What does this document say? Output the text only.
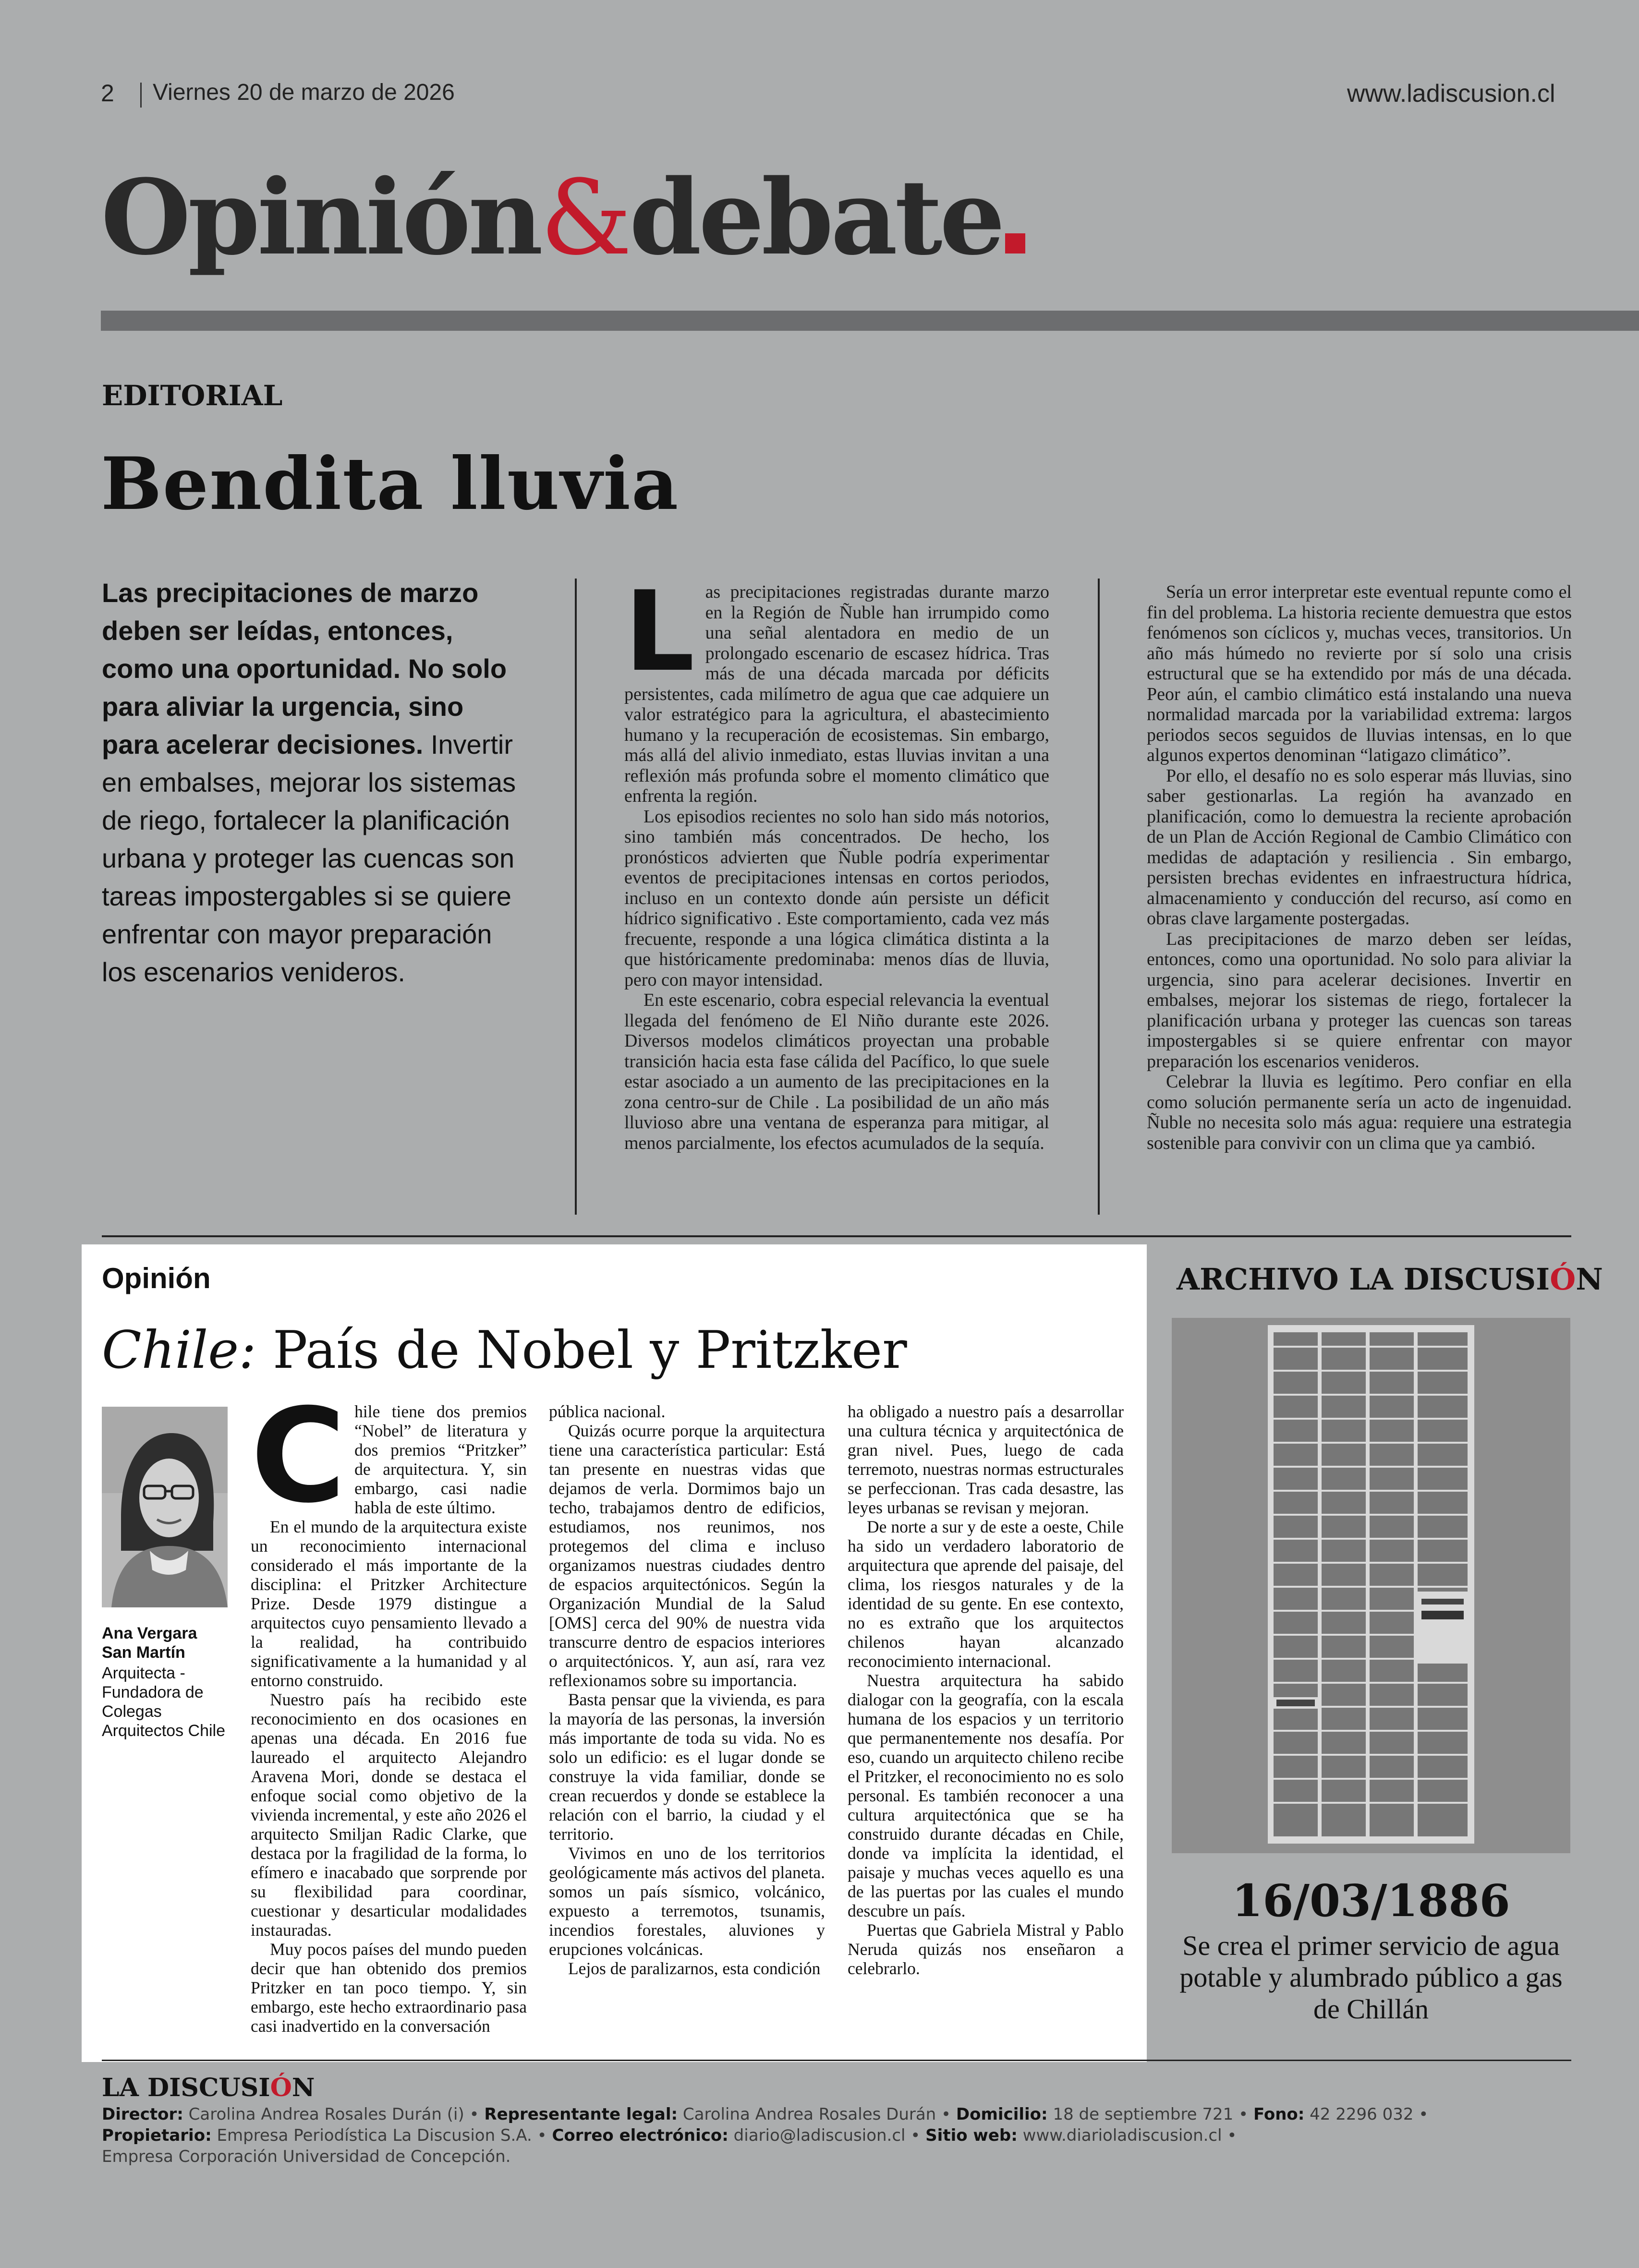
2 Viernes 20 de marzo de 2026	www.ladiscusion.cl
Opinión&debate
EDITORIAL
Bendita lluvia
Las precipitaciones de marzo deben ser leídas, entonces, como una oportunidad. No solo para aliviar la urgencia, sino para acelerar decisiones. Invertir en embalses, mejorar los sistemas de riego, fortalecer la planificación urbana y proteger las cuencas son tareas impostergables si se quiere enfrentar con mayor preparación los escenarios venideros.

Las precipitaciones registradas durante marzo en la Región de Ñuble han irrumpido como una señal alentadora en medio de un prolongado escenario de escasez hídrica. Tras más de una década marcada por déficits persistentes, cada milímetro de agua que cae adquiere un valor estratégico para la agricultura, el abastecimiento humano y la recuperación de ecosistemas. Sin embargo, más allá del alivio inmediato, estas lluvias invitan a una reflexión más profunda sobre el momento climático que enfrenta la región.

Los episodios recientes no solo han sido más notorios, sino también más concentrados. De hecho, los pronósticos advierten que Ñuble podría experimentar eventos de precipitaciones intensas en cortos periodos, incluso en un contexto donde aún persiste un déficit hídrico significativo . Este comportamiento, cada vez más frecuente, responde a una lógica climática distinta a la que históricamente predominaba: menos días de lluvia, pero con mayor intensidad.

En este escenario, cobra especial relevancia la eventual llegada del fenómeno de El Niño durante este 2026. Diversos modelos climáticos proyectan una probable transición hacia esta fase cálida del Pacífico, lo que suele estar asociado a un aumento de las precipitaciones en la zona centro-sur de Chile . La posibilidad de un año más lluvioso abre una ventana de esperanza para mitigar, al menos parcialmente, los efectos acumulados de la sequía.

Sería un error interpretar este eventual repunte como el fin del problema. La historia reciente demuestra que estos fenómenos son cíclicos y, muchas veces, transitorios. Un año más húmedo no revierte por sí solo una crisis estructural que se ha extendido por más de una década. Peor aún, el cambio climático está instalando una nueva normalidad marcada por la variabilidad extrema: largos periodos secos seguidos de lluvias intensas, en lo que algunos expertos denominan “latigazo climático”.

Por ello, el desafío no es solo esperar más lluvias, sino saber gestionarlas. La región ha avanzado en planificación, como lo demuestra la reciente aprobación de un Plan de Acción Regional de Cambio Climático con medidas de adaptación y resiliencia . Sin embargo, persisten brechas evidentes en infraestructura hídrica, almacenamiento y conducción del recurso, así como en obras clave largamente postergadas.

Las precipitaciones de marzo deben ser leídas, entonces, como una oportunidad. No solo para aliviar la urgencia, sino para acelerar decisiones. Invertir en embalses, mejorar los sistemas de riego, fortalecer la planificación urbana y proteger las cuencas son tareas impostergables si se quiere enfrentar con mayor preparación los escenarios venideros.

Celebrar la lluvia es legítimo. Pero confiar en ella como solución permanente sería un acto de ingenuidad. Ñuble no necesita solo más agua: requiere una estrategia sostenible para convivir con un clima que ya cambió.

Opinión
Chile: País de Nobel y Pritzker
Ana Vergara San Martín
Arquitecta - Fundadora de Colegas Arquitectos Chile

Chile tiene dos premios “Nobel” de literatura y dos premios “Pritzker” de arquitectura. Y, sin embargo, casi nadie habla de este último.

En el mundo de la arquitectura existe un reconocimiento internacional considerado el más importante de la disciplina: el Pritzker Architecture Prize. Desde 1979 distingue a arquitectos cuyo pensamiento llevado a la realidad, ha contribuido significativamente a la humanidad y al entorno construido.

Nuestro país ha recibido este reconocimiento en dos ocasiones en apenas una década. En 2016 fue laureado el arquitecto Alejandro Aravena Mori, donde se destaca el enfoque social como objetivo de la vivienda incremental, y este año 2026 el arquitecto Smiljan Radic Clarke, que destaca por la fragilidad de la forma, lo efímero e inacabado que sorprende por su flexibilidad para coordinar, cuestionar y desarticular modalidades instauradas.

Muy pocos países del mundo pueden decir que han obtenido dos premios Pritzker en tan poco tiempo. Y, sin embargo, este hecho extraordinario pasa casi inadvertido en la conversación

pública nacional.

Quizás ocurre porque la arquitectura tiene una característica particular: Está tan presente en nuestras vidas que dejamos de verla. Dormimos bajo un techo, trabajamos dentro de edificios, estudiamos, nos reunimos, nos protegemos del clima e incluso organizamos nuestras ciudades dentro de espacios arquitectónicos. Según la Organización Mundial de la Salud [OMS] cerca del 90% de nuestra vida transcurre dentro de espacios interiores o arquitectónicos. Y, aun así, rara vez reflexionamos sobre su importancia.

Basta pensar que la vivienda, es para la mayoría de las personas, la inversión más importante de toda su vida. No es solo un edificio: es el lugar donde se construye la vida familiar, donde se crean recuerdos y donde se establece la relación con el barrio, la ciudad y el territorio.

Vivimos en uno de los territorios geológicamente más activos del planeta. somos un país sísmico, volcánico, expuesto a terremotos, tsunamis, incendios forestales, aluviones y erupciones volcánicas.

Lejos de paralizarnos, esta condición

ha obligado a nuestro país a desarrollar una cultura técnica y arquitectónica de gran nivel. Pues, luego de cada terremoto, nuestras normas estructurales se perfeccionan. Tras cada desastre, las leyes urbanas se revisan y mejoran.

De norte a sur y de este a oeste, Chile ha sido un verdadero laboratorio de arquitectura que aprende del paisaje, del clima, los riesgos naturales y de la identidad de su gente. En ese contexto, no es extraño que los arquitectos chilenos hayan alcanzado reconocimiento internacional.

Nuestra arquitectura ha sabido dialogar con la geografía, con la escala humana de los espacios y un territorio que permanentemente nos desafía. Por eso, cuando un arquitecto chileno recibe el Pritzker, el reconocimiento no es solo personal. Es también reconocer a una cultura arquitectónica que se ha construido durante décadas en Chile, donde va implícita la identidad, el paisaje y muchas veces aquello es una de las puertas por las cuales el mundo descubre un país.

Puertas que Gabriela Mistral y Pablo Neruda quizás nos enseñaron a celebrarlo.

ARCHIVO LA DISCUSIÓN
16/03/1886
Se crea el primer servicio de agua potable y alumbrado público a gas de Chillán
LA DISCUSIÓN
Director: Carolina Andrea Rosales Durán (i) • Representante legal: Carolina Andrea Rosales Durán • Domicilio: 18 de septiembre 721 • Fono: 42 2296 032 •
Propietario: Empresa Periodística La Discusion S.A. • Correo electrónico: diario@ladiscusion.cl • Sitio web: www.diarioladiscusion.cl •
Empresa Corporación Universidad de Concepción.
